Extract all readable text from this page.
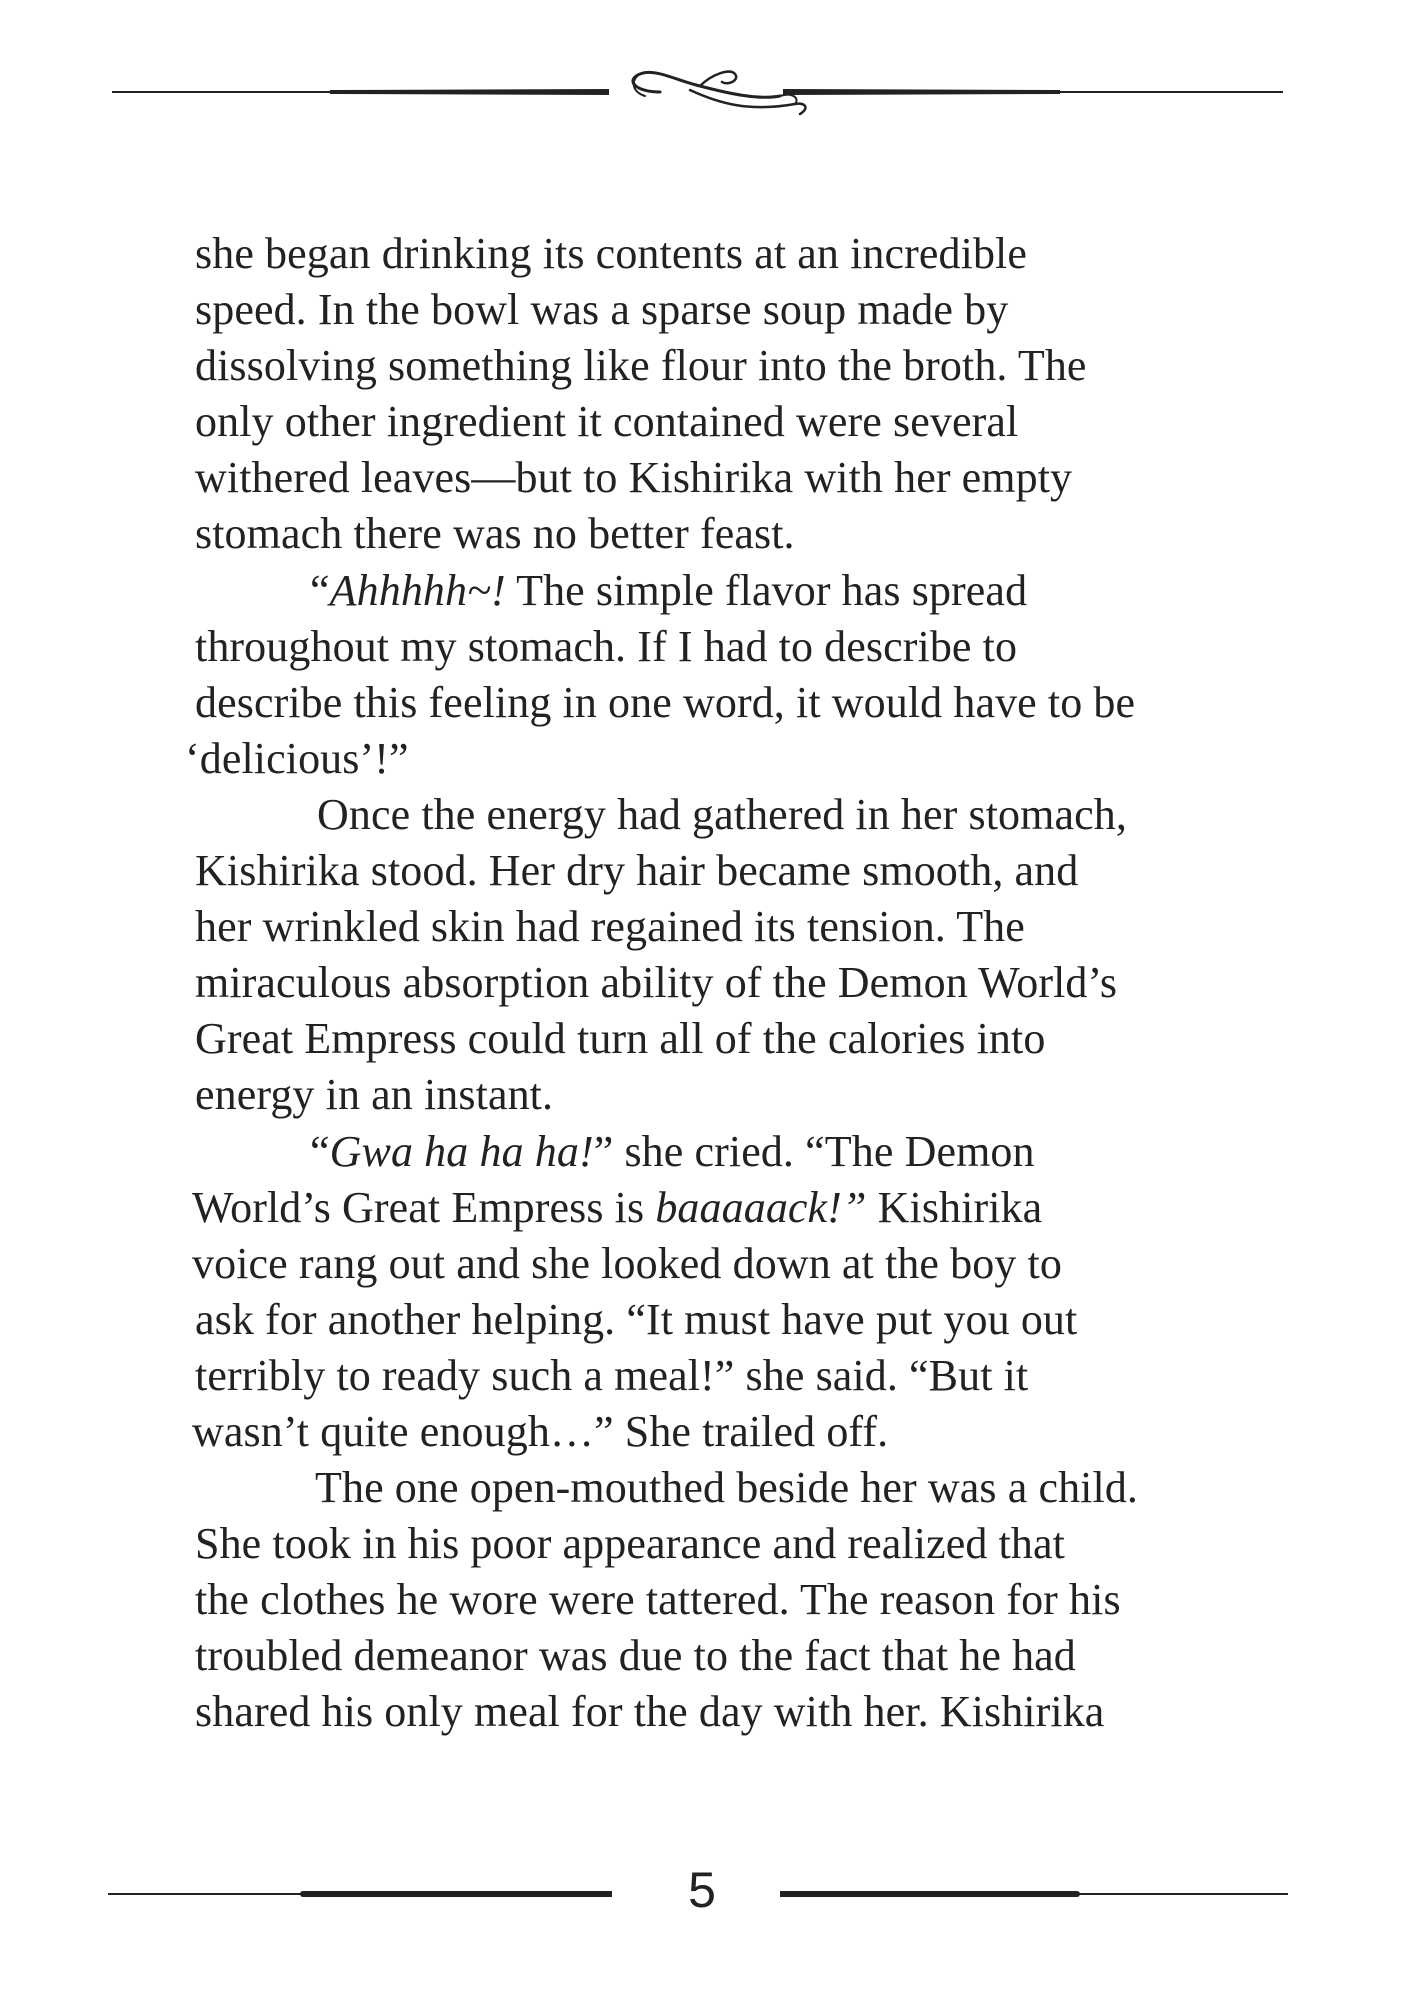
she began drinking its contents at an incredible
speed. In the bowl was a sparse soup made by
dissolving something like flour into the broth. The
only other ingredient it contained were several
withered leaves—but to Kishirika with her empty
stomach there was no better feast.
“Ahhhhh~! The simple flavor has spread
throughout my stomach. If I had to describe to
describe this feeling in one word, it would have to be
‘delicious’!”
Once the energy had gathered in her stomach,
Kishirika stood. Her dry hair became smooth, and
her wrinkled skin had regained its tension. The
miraculous absorption ability of the Demon World’s
Great Empress could turn all of the calories into
energy in an instant.
“Gwa ha ha ha!” she cried. “The Demon
World’s Great Empress is baaaaack!” Kishirika
voice rang out and she looked down at the boy to
ask for another helping. “It must have put you out
terribly to ready such a meal!” she said. “But it
wasn’t quite enough…” She trailed off.
The one open-mouthed beside her was a child.
She took in his poor appearance and realized that
the clothes he wore were tattered. The reason for his
troubled demeanor was due to the fact that he had
shared his only meal for the day with her. Kishirika
5
